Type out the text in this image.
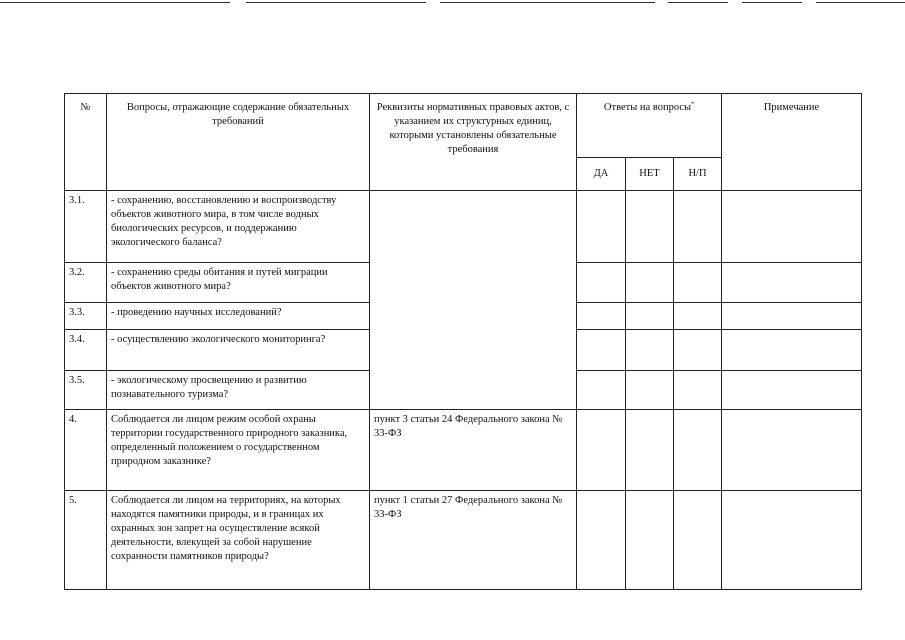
№	Вопросы, отражающие содержание обязательных требований	Реквизиты нормативных правовых актов, с указанием их структурных единиц, которыми установлены обязательные требования	Ответы на вопросы*			Примечание
			ДА	НЕТ	Н/П	
3.1.	- сохранению, восстановлению и воспроизводству объектов животного мира, в том числе водных биологических ресурсов, и поддержанию экологического баланса?					
3.2.	- сохранению среды обитания и путей миграции объектов животного мира?					
3.3.	- проведению научных исследований?					
3.4.	- осуществлению экологического мониторинга?					
3.5.	- экологическому просвещению и развитию познавательного туризма?					
4.	Соблюдается ли лицом режим особой охраны территории государственного природного заказника, определенный положением о государственном природном заказнике?	пункт 3 статьи 24 Федерального закона № 33-ФЗ				
5.	Соблюдается ли лицом на территориях, на которых находятся памятники природы, и в границах их охранных зон запрет на осуществление всякой деятельности, влекущей за собой нарушение сохранности памятников природы?	пункт 1 статьи 27 Федерального закона № 33-ФЗ				
